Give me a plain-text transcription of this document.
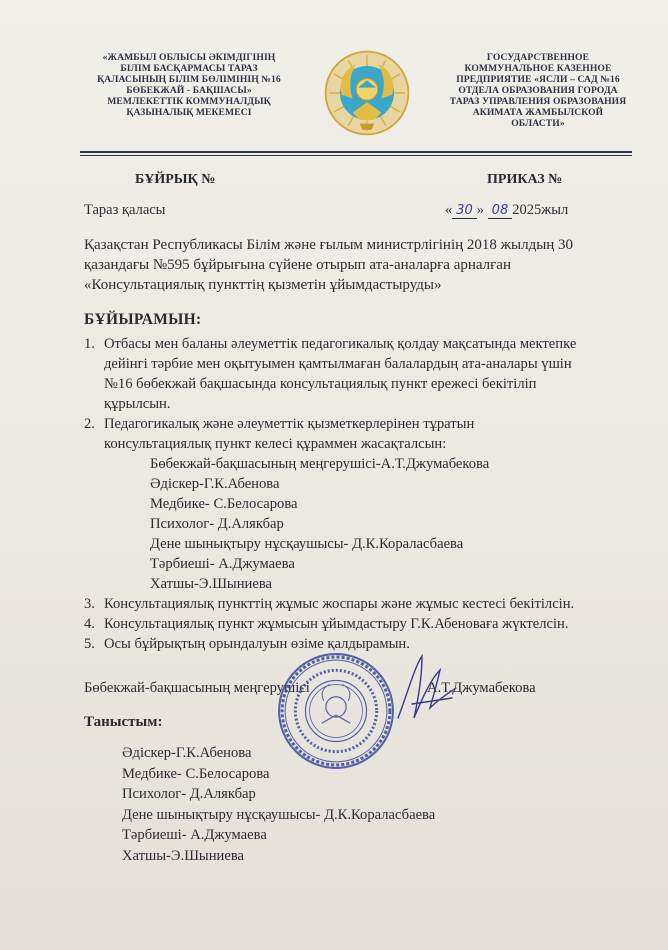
«ЖАМБЫЛ ОБЛЫСЫ ӘКІМДІГІНІҢ
БІЛІМ БАСҚАРМАСЫ ТАРАЗ
ҚАЛАСЫНЫҢ БІЛІМ БӨЛІМІНІҢ №16
БӨБЕКЖАЙ - БАҚШАСЫ»
МЕМЛЕКЕТТІК КОММУНАЛДЫҚ
ҚАЗЫНАЛЫҚ МЕКЕМЕСІ
ГОСУДАРСТВЕННОЕ
КОММУНАЛЬНОЕ КАЗЕННОЕ
ПРЕДПРИЯТИЕ «ЯСЛИ – САД №16
ОТДЕЛА ОБРАЗОВАНИЯ ГОРОДА
ТАРАЗ УПРАВЛЕНИЯ ОБРАЗОВАНИЯ
АКИМАТА ЖАМБЫЛСКОЙ
ОБЛАСТИ»
БҰЙРЫҚ №	ПРИКАЗ №
Тараз қаласы	« 30 » 08 2025жыл
Қазақстан Республикасы Білім және ғылым министрлігінің 2018 жылдың 30
қазандағы №595 бұйрығына сүйене отырып ата-аналарға арналған
«Консультациялық пункттің қызметін ұйымдастыруды»
БҰЙЫРАМЫН:
1. Отбасы мен баланы әлеуметтік педагогикалық қолдау мақсатында мектепке
дейінгі тәрбие мен оқытуымен қамтылмаған балалардың ата-аналары үшін
№16 бөбекжай бақшасында консультациялық пункт ережесі бекітіліп
құрылсын.
2. Педагогикалық және әлеуметтік қызметкерлерінен тұратын
консультациялық пункт келесі құраммен жасақталсын:
Бөбекжай-бақшасының меңгерушісі-А.Т.Джумабекова
Әдіскер-Г.К.Абенова
Медбике- С.Белосарова
Психолог- Д.Алякбар
Дене шынықтыру нұсқаушысы- Д.К.Кораласбаева
Тәрбиеші- А.Джумаева
Хатшы-Э.Шыниева
3. Консультациялық пункттің жұмыс жоспары және жұмыс кестесі бекітілсін.
4. Консультациялық пункт жұмысын ұйымдастыру Г.К.Абеноваға жүктелсін.
5. Осы бұйрықтың орындалуын өзіме қалдырамын.
Бөбекжай-бақшасының меңгерушісі	А.Т.Джумабекова
Таныстым:
Әдіскер-Г.К.Абенова
Медбике- С.Белосарова
Психолог- Д.Алякбар
Дене шынықтыру нұсқаушысы- Д.К.Кораласбаева
Тәрбиеші- А.Джумаева
Хатшы-Э.Шыниева
